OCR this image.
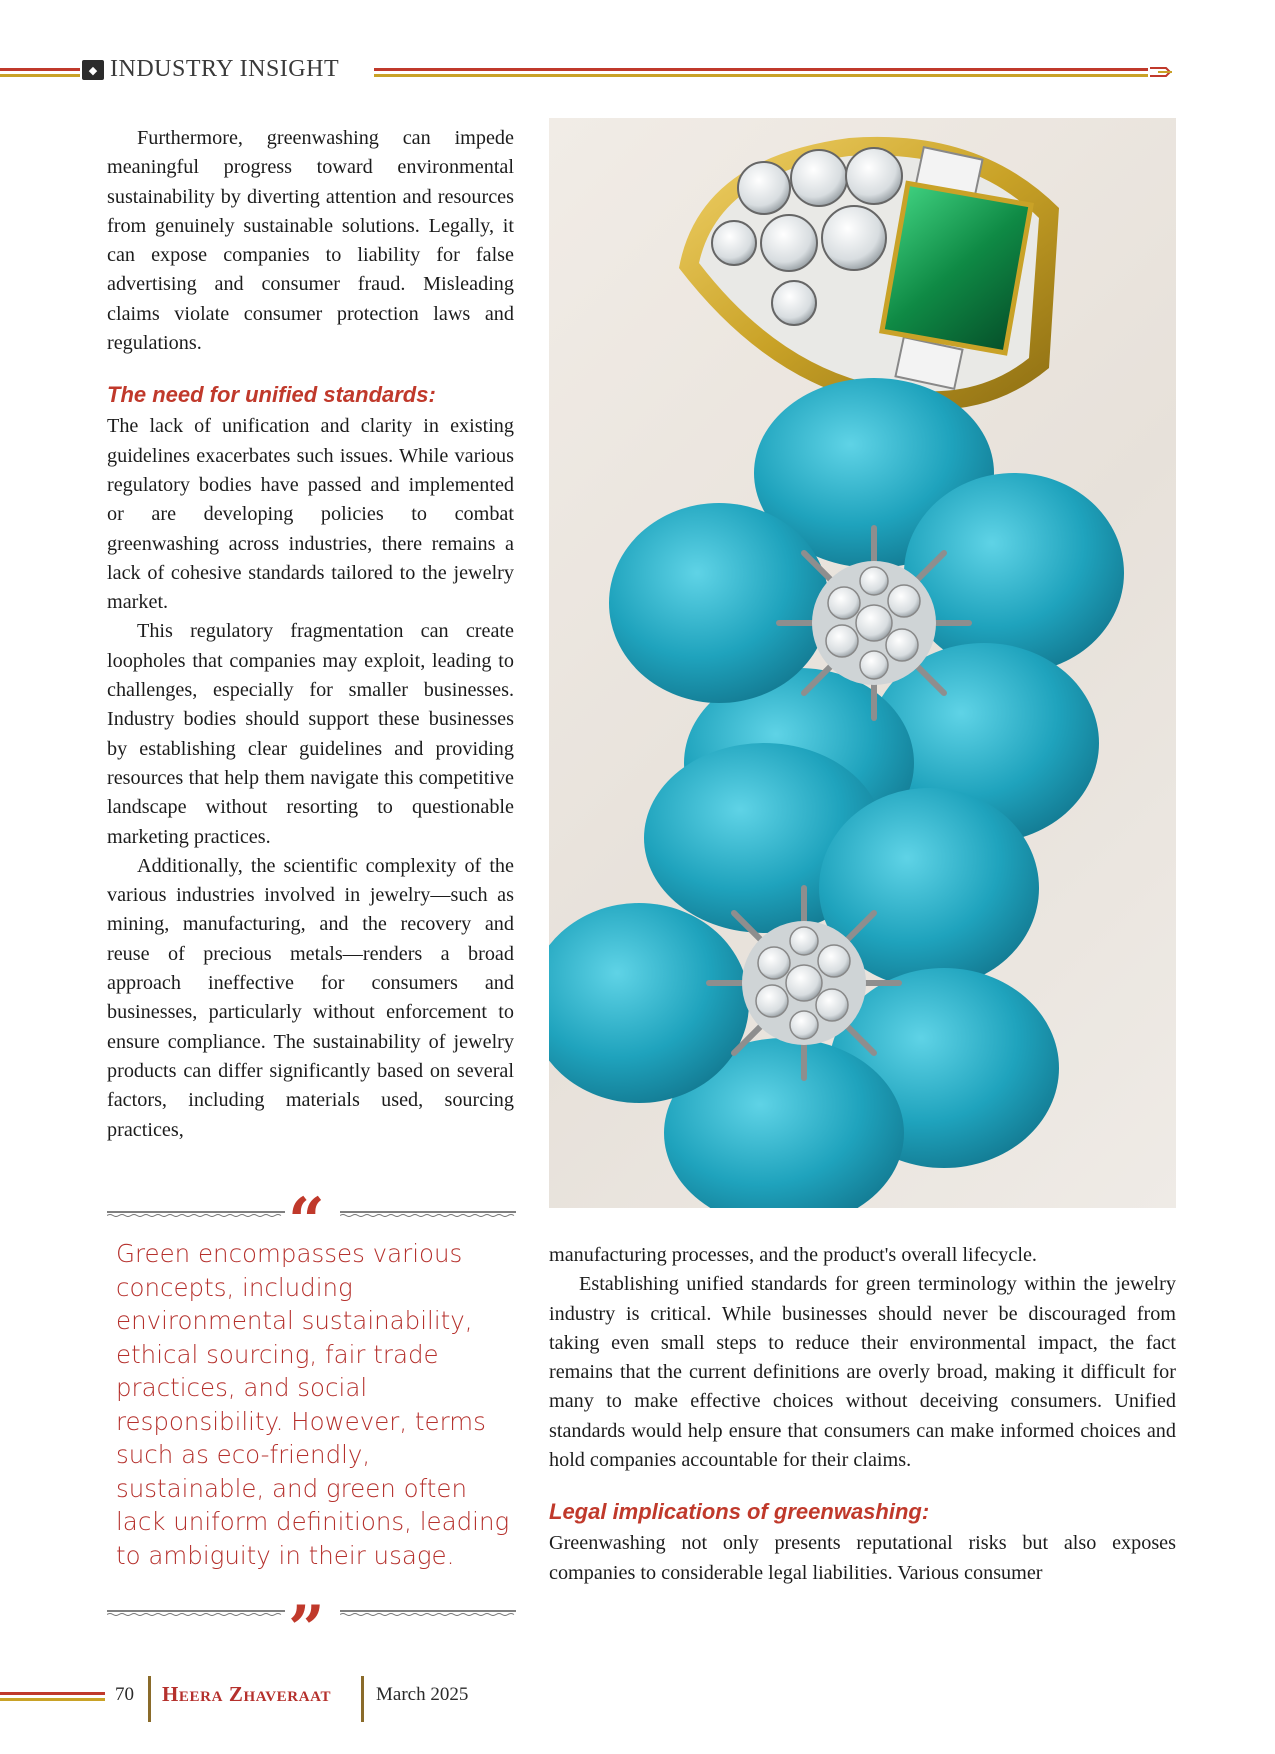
◆ INDUSTRY INSIGHT

Furthermore, greenwashing can impede meaningful progress toward environmental sustainability by diverting attention and resources from genuinely sustainable solutions. Legally, it can expose companies to liability for false advertising and consumer fraud. Misleading claims violate consumer protection laws and regulations.

The need for unified standards:

The lack of unification and clarity in existing guidelines exacerbates such issues. While various regulatory bodies have passed and implemented or are developing policies to combat greenwashing across industries, there remains a lack of cohesive standards tailored to the jewelry market.

This regulatory fragmentation can create loopholes that companies may exploit, leading to challenges, especially for smaller businesses. Industry bodies should support these businesses by establishing clear guidelines and providing resources that help them navigate this competitive landscape without resorting to questionable marketing practices.

Additionally, the scientific complexity of the various industries involved in jewelry—such as mining, manufacturing, and the recovery and reuse of precious metals—renders a broad approach ineffective for consumers and businesses, particularly without enforcement to ensure compliance. The sustainability of jewelry products can differ significantly based on several factors, including materials used, sourcing practices,

“
Green encompasses various concepts, including environmental sustainability, ethical sourcing, fair trade practices, and social responsibility. However, terms such as eco-friendly, sustainable, and green often lack uniform definitions, leading to ambiguity in their usage.
”

manufacturing processes, and the product's overall lifecycle.

Establishing unified standards for green terminology within the jewelry industry is critical. While businesses should never be discouraged from taking even small steps to reduce their environmental impact, the fact remains that the current definitions are overly broad, making it difficult for many to make effective choices without deceiving consumers. Unified standards would help ensure that consumers can make informed choices and hold companies accountable for their claims.

Legal implications of greenwashing:

Greenwashing not only presents reputational risks but also exposes companies to considerable legal liabilities. Various consumer

70 Heera Zhaveraat March 2025
